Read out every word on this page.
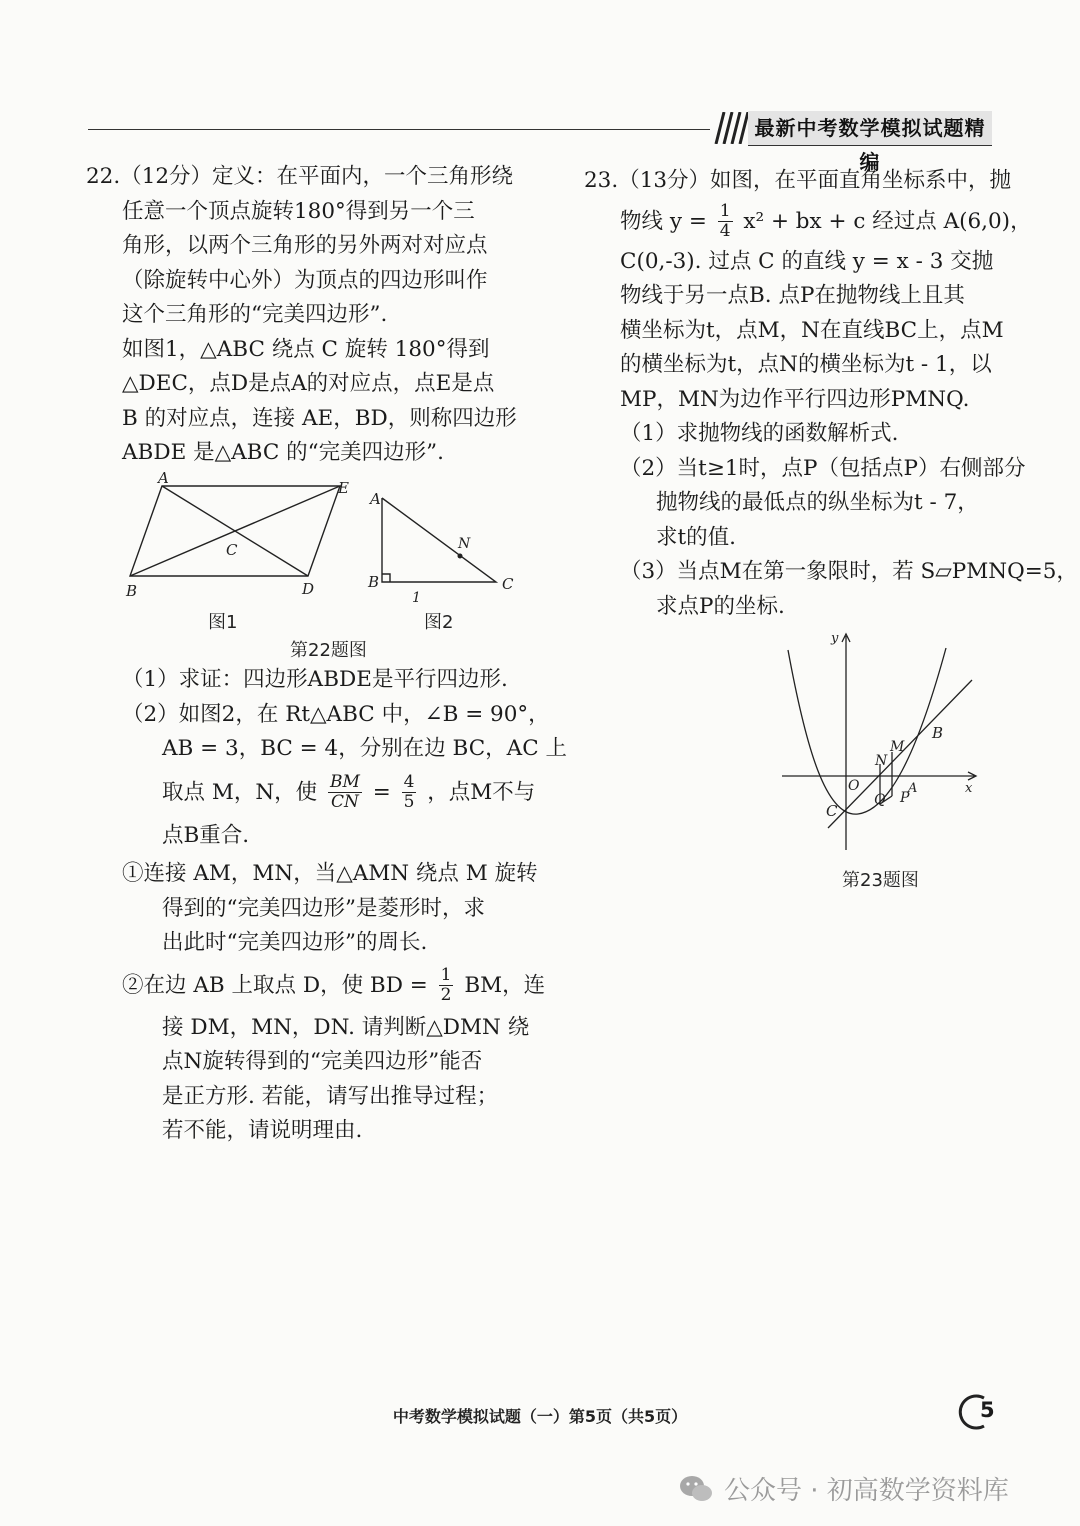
最新中考数学模拟试题精编
22.（12分）定义：在平面内，一个三角形绕
任意一个顶点旋转180°得到另一个三
角形，以两个三角形的另外两对对应点
（除旋转中心外）为顶点的四边形叫作
这个三角形的“完美四边形”.
如图1，△ABC 绕点 C 旋转 180°得到
△DEC，点D是点A的对应点，点E是点
B 的对应点，连接 AE，BD，则称四边形
ABDE 是△ABC 的“完美四边形”.
A
E
C
B	D
A
N
B
1
C
图1	图2
第22题图
（1）求证：四边形ABDE是平行四边形.
（2）如图2，在 Rt△ABC 中，∠B = 90°，
AB = 3，BC = 4，分别在边 BC，AC 上
取点 M，N，使 $\frac{BM}{CN} = \frac{4}{5}$ ，点M不与
点B重合.
①连接 AM，MN，当△AMN 绕点 M 旋转
得到的“完美四边形”是菱形时，求
出此时“完美四边形”的周长.
②在边 AB 上取点 D，使 BD = $\frac{1}{2}$ BM，连
接 DM，MN，DN. 请判断△DMN 绕
点N旋转得到的“完美四边形”能否
是正方形. 若能，请写出推导过程；
若不能，请说明理由.
23.（13分）如图，在平面直角坐标系中，抛
物线 $y = \frac{1}{4} x^2$ + bx + c 经过点 A(6,0)，
C(0,-3). 过点 C 的直线 y = x - 3 交抛
物线于另一点B. 点P在抛物线上且其
横坐标为t，点M，N在直线BC上，点M
的横坐标为t，点N的横坐标为t - 1，以
MP，MN为边作平行四边形PMNQ.
（1）求抛物线的函数解析式.
（2）当t≥1时，点P（包括点P）右侧部分
抛物线的最低点的纵坐标为t - 7，
求t的值.
（3）当点M在第一象限时，若 S▱PMNQ=5，
求点P的坐标.
y
x
O
C
B
M
N
Q P
A
第23题图
中考数学模拟试题（一）第5页（共5页）	5
公众号 · 初高数学资料库
